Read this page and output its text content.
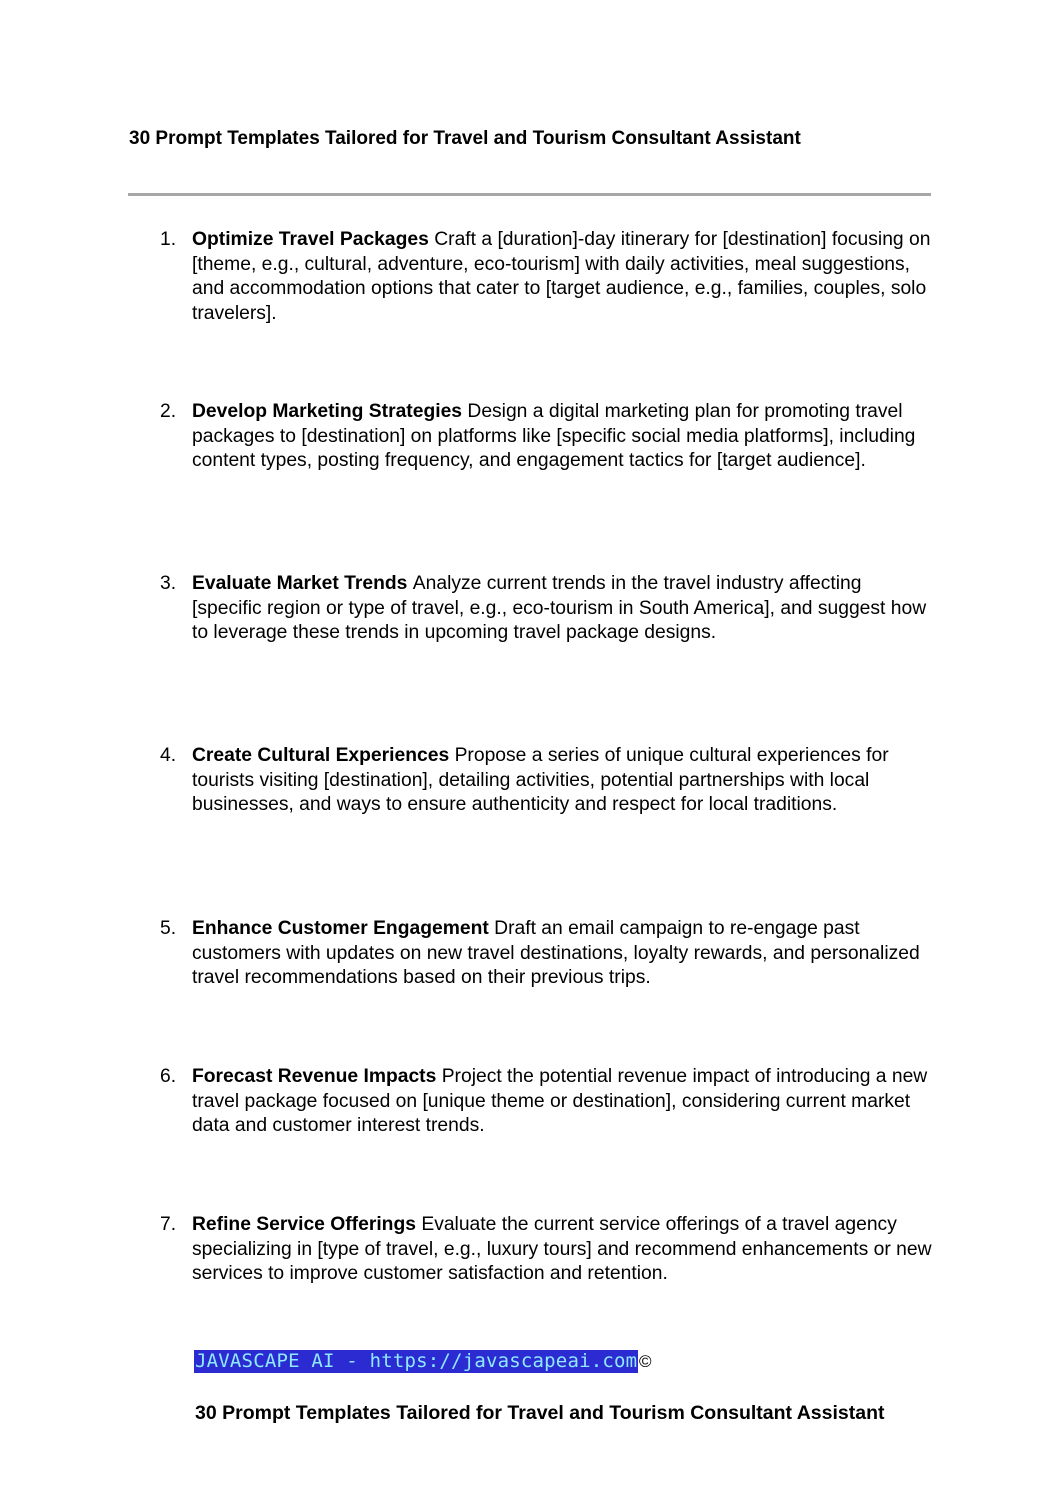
30 Prompt Templates Tailored for Travel and Tourism Consultant Assistant
1. Optimize Travel Packages Craft a [duration]-day itinerary for [destination] focusing on [theme, e.g., cultural, adventure, eco-tourism] with daily activities, meal suggestions, and accommodation options that cater to [target audience, e.g., families, couples, solo travelers].
2. Develop Marketing Strategies Design a digital marketing plan for promoting travel packages to [destination] on platforms like [specific social media platforms], including content types, posting frequency, and engagement tactics for [target audience].
3. Evaluate Market Trends Analyze current trends in the travel industry affecting [specific region or type of travel, e.g., eco-tourism in South America], and suggest how to leverage these trends in upcoming travel package designs.
4. Create Cultural Experiences Propose a series of unique cultural experiences for tourists visiting [destination], detailing activities, potential partnerships with local businesses, and ways to ensure authenticity and respect for local traditions.
5. Enhance Customer Engagement Draft an email campaign to re-engage past customers with updates on new travel destinations, loyalty rewards, and personalized travel recommendations based on their previous trips.
6. Forecast Revenue Impacts Project the potential revenue impact of introducing a new travel package focused on [unique theme or destination], considering current market data and customer interest trends.
7. Refine Service Offerings Evaluate the current service offerings of a travel agency specializing in [type of travel, e.g., luxury tours] and recommend enhancements or new services to improve customer satisfaction and retention.
JAVASCAPE AI - https://javascapeai.com ©
30 Prompt Templates Tailored for Travel and Tourism Consultant Assistant
